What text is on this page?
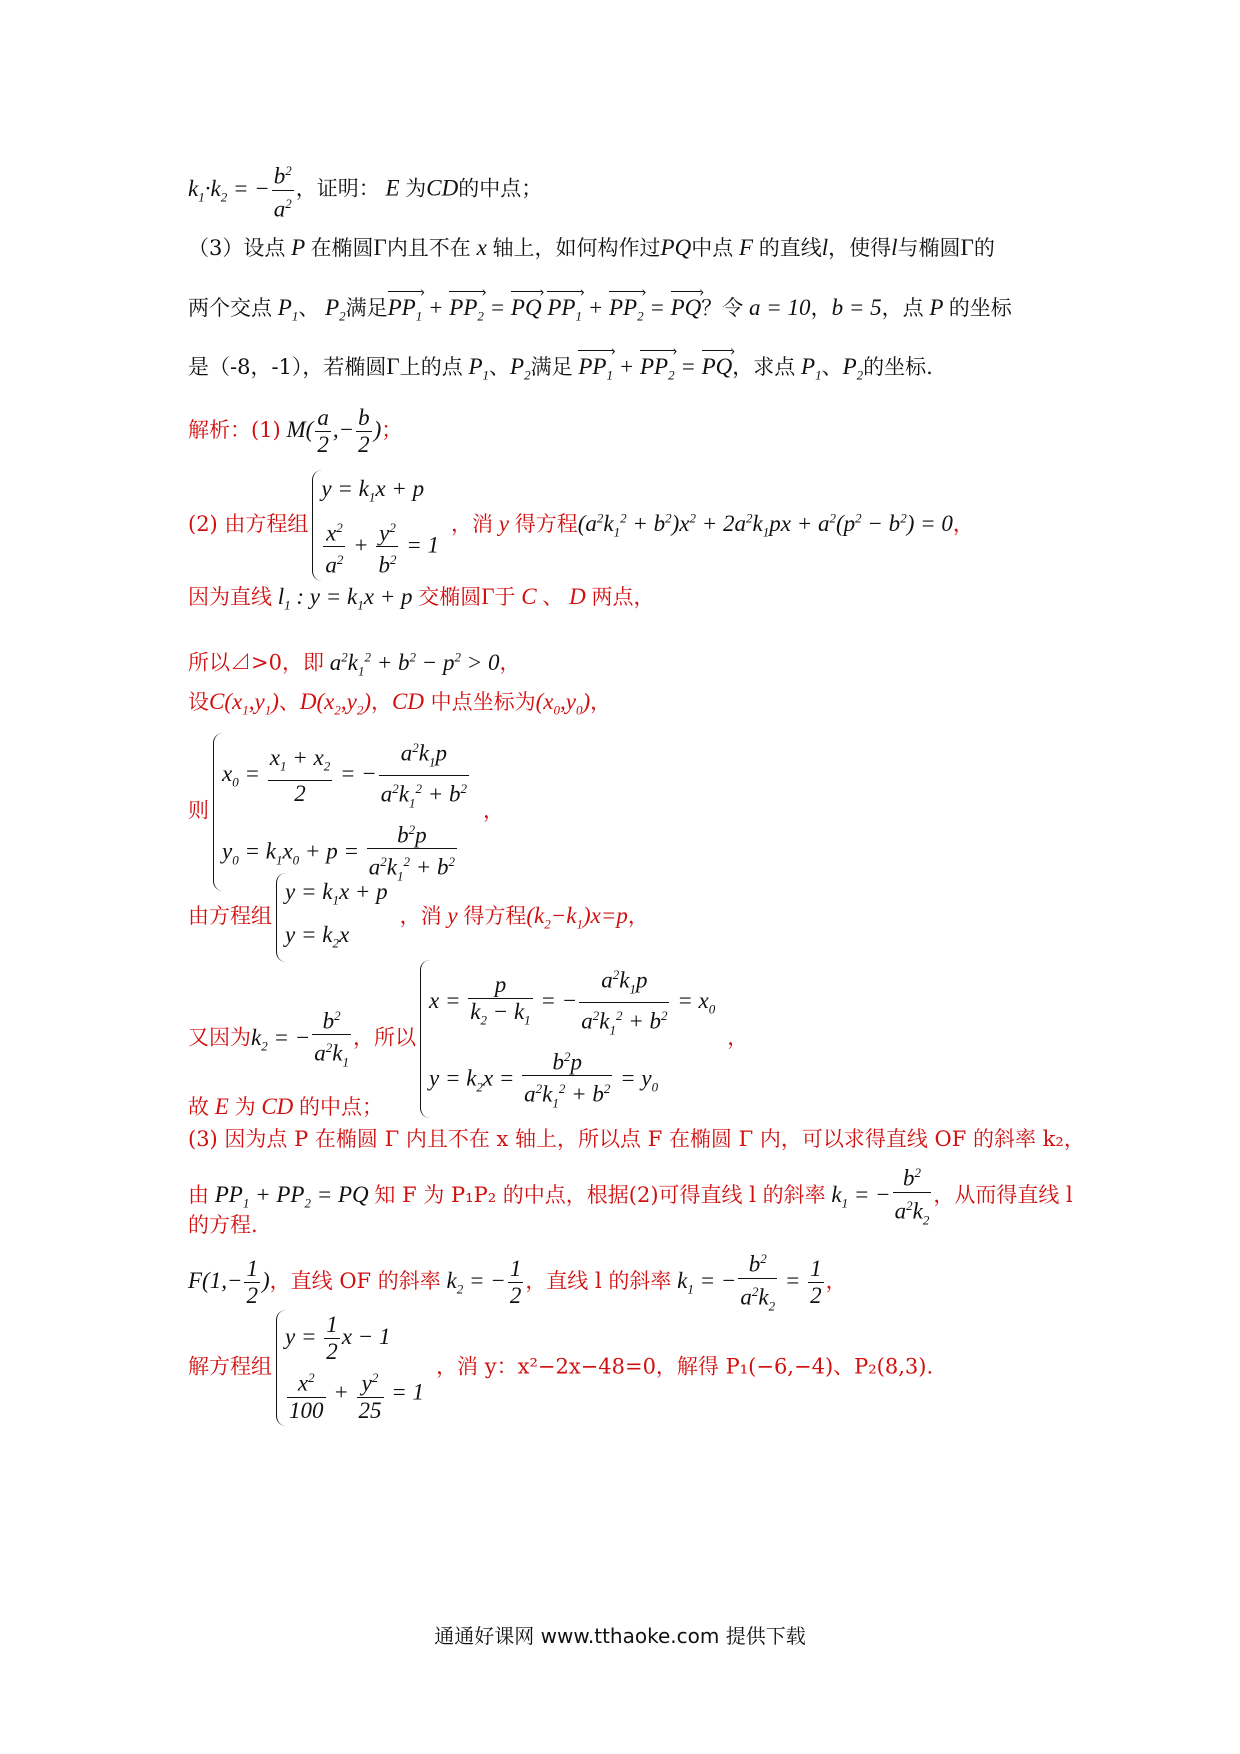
$k_1\cdot k_2$ = − $\frac{b^2}{a^2}$ ，证明： E 为CD的中点；
（3）设点 P 在椭圆Γ内且不在 x 轴上，如何构作过PQ中点 F 的直线l，使得l与椭圆Γ的
两个交点 $P_1$、 $P_2$满足› $PP_1$ + › $PP_2$ = › PQ › $PP_1$ + › $PP_2$ = › PQ？令 a = 10，b = 5，点 P 的坐标
是（-8，-1），若椭圆Γ上的点 $P_1$、$P_2$满足 › $PP_1$ + › $PP_2$ = › PQ，求点 $P_1$、$P_2$的坐标.
解析：(1) $M( \frac{a}{2}$ ,− $\frac{b}{2}$ )；
(2) 由方程组
$y = k_1x + p$
$\frac{x^2}{a^2} + \frac{y^2}{b^2} = 1$
，消 y 得方程$(a^2k_1^2 + b^2)x^2 + 2a^2k_1px + a^2(p^2 - b^2) = 0$，
因为直线 $l_1$ : $y = k_1x + p$ 交椭圆Γ于 C 、 D 两点，
所以⊿>0，即 $a^2k_1^2 + b^2 - p^2 > 0$，
设$C(x_1,y_1)$、$D(x_2,y_2)$，CD 中点坐标为$(x_0,y_0)$，
则
$x_0 = \frac{x_1 + x_2}{2}$ = − $\frac{a^2k_1p}{a^2k_1^2 + b^2}$
$y_0 = k_1x_0 + p = \frac{b^2p}{a^2k_1^2 + b^2}$
，
由方程组
$y = k_1x + p$
$y = k_2x$
，消 y 得方程$(k_2-k_1)x=p$，
又因为$k_2$ = − $\frac{b^2}{a^2k_1}$ ，所以
$x = \frac{p}{k_2 - k_1}$ = − $\frac{a^2k_1p}{a^2k_1^2 + b^2} = x_0$
$y = k_2x = \frac{b^2p}{a^2k_1^2 + b^2} = y_0$
，
故 E 为 CD 的中点；
(3) 因为点 P 在椭圆 Γ 内且不在 x 轴上，所以点 F 在椭圆 Γ 内，可以求得直线 OF 的斜率 k₂，
由 $PP_1 + PP_2$ = PQ 知 F 为 P₁P₂ 的中点，根据(2)可得直线 l 的斜率 $k_1$ = − $\frac{b^2}{a^2k_2}$ ，从而得直线 l
的方程.
$F(1,- \frac{1}{2}$ )，直线 OF 的斜率 $k_2$ = − $\frac{1}{2}$ ，直线 l 的斜率 $k_1$ = − $\frac{b^2}{a^2k_2} = \frac{1}{2}$ ，
解方程组
$y = \frac{1}{2}$ x − 1
$\frac{x^2}{100} + \frac{y^2}{25} = 1$
，消 y：x²−2x−48=0，解得 P₁(−6,−4)、P₂(8,3).
通通好课网 www.tthaoke.com 提供下载
